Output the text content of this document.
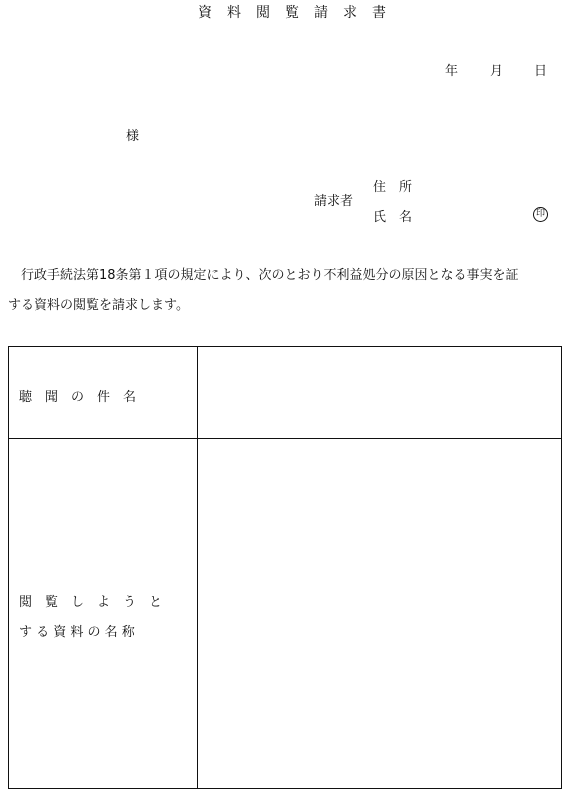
資料閲覧請求書
年 月 日
様
請求者
住　所
氏　名	印
　行政手続法第18条第１項の規定により、次のとおり不利益処分の原因となる事実を証
する資料の閲覧を請求します。
聴　聞　の　件　名
閲　覧　し　よ　う　と
す る 資 料 の 名 称
